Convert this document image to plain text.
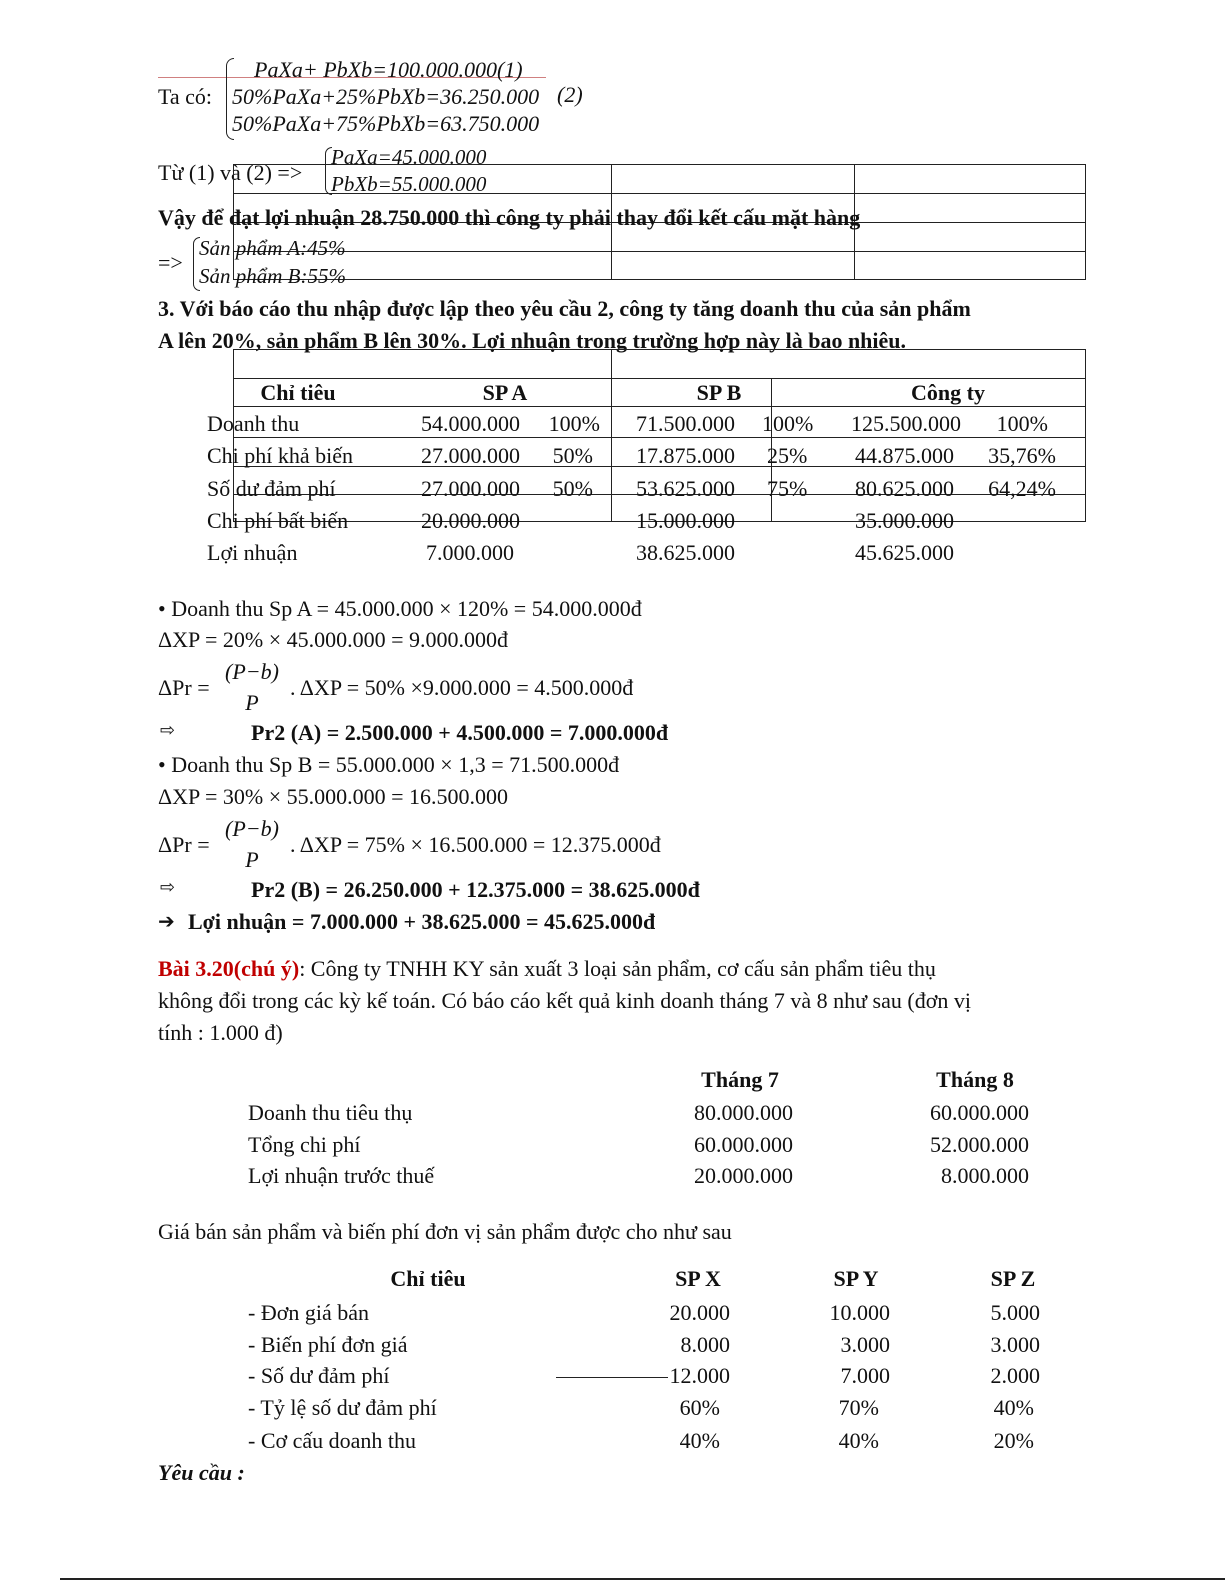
Ta có:
PaXa+ PbXb=100.000.000(1)
50%PaXa+25%PbXb=36.250.000 (2)
50%PaXa+75%PbXb=63.750.000
Từ (1) và (2) =>
PaXa=45.000.000
PbXb=55.000.000
Vậy để đạt lợi nhuận 28.750.000 thì công ty phải thay đổi kết cấu mặt hàng
=>
Sản phẩm A:45%
Sản phẩm B:55%
3. Với báo cáo thu nhập được lập theo yêu cầu 2, công ty tăng doanh thu của sản phẩm
A lên 20%, sản phẩm B lên 30%. Lợi nhuận trong trường hợp này là bao nhiêu.
Chỉ tiêu	SP A	SP B	Công ty
Doanh thu	54.000.000	100%	71.500.000 100%	125.500.000	100%
Chi phí khả biến	27.000.000	50%	17.875.000 25%	44.875.000	35,76%
Số dư đảm phí	27.000.000	50%	53.625.000 75%	80.625.000	64,24%
Chi phí bất biến	20.000.000	15.000.000	35.000.000
Lợi nhuận	7.000.000	38.625.000	45.625.000
• Doanh thu Sp A = 45.000.000 × 120% = 54.000.000đ
ΔXP = 20% × 45.000.000 = 9.000.000đ
ΔPr =
(P−b)
P
. ΔXP = 50% ×9.000.000 = 4.500.000đ
⇨	Pr2 (A) = 2.500.000 + 4.500.000 = 7.000.000đ
• Doanh thu Sp B = 55.000.000 × 1,3 = 71.500.000đ
ΔXP = 30% × 55.000.000 = 16.500.000
ΔPr =
(P−b)
P
. ΔXP = 75% × 16.500.000 = 12.375.000đ
⇨	Pr2 (B) = 26.250.000 + 12.375.000 = 38.625.000đ
➔ Lợi nhuận = 7.000.000 + 38.625.000 = 45.625.000đ
Bài 3.20(chú ý): Công ty TNHH KY sản xuất 3 loại sản phẩm, cơ cấu sản phẩm tiêu thụ
không đổi trong các kỳ kế toán. Có báo cáo kết quả kinh doanh tháng 7 và 8 như sau (đơn vị
tính : 1.000 đ)
Tháng 7	Tháng 8
Doanh thu tiêu thụ	80.000.000	60.000.000
Tổng chi phí	60.000.000	52.000.000
Lợi nhuận trước thuế	20.000.000	8.000.000
Giá bán sản phẩm và biến phí đơn vị sản phẩm được cho như sau
Chỉ tiêu	SP X	SP Y	SP Z
- Đơn giá bán	20.000	10.000	5.000
- Biến phí đơn giá	8.000	3.000	3.000
- Số dư đảm phí	12.000	7.000	2.000
- Tỷ lệ số dư đảm phí	60%	70%	40%
- Cơ cấu doanh thu	40%	40%	20%
Yêu cầu :
